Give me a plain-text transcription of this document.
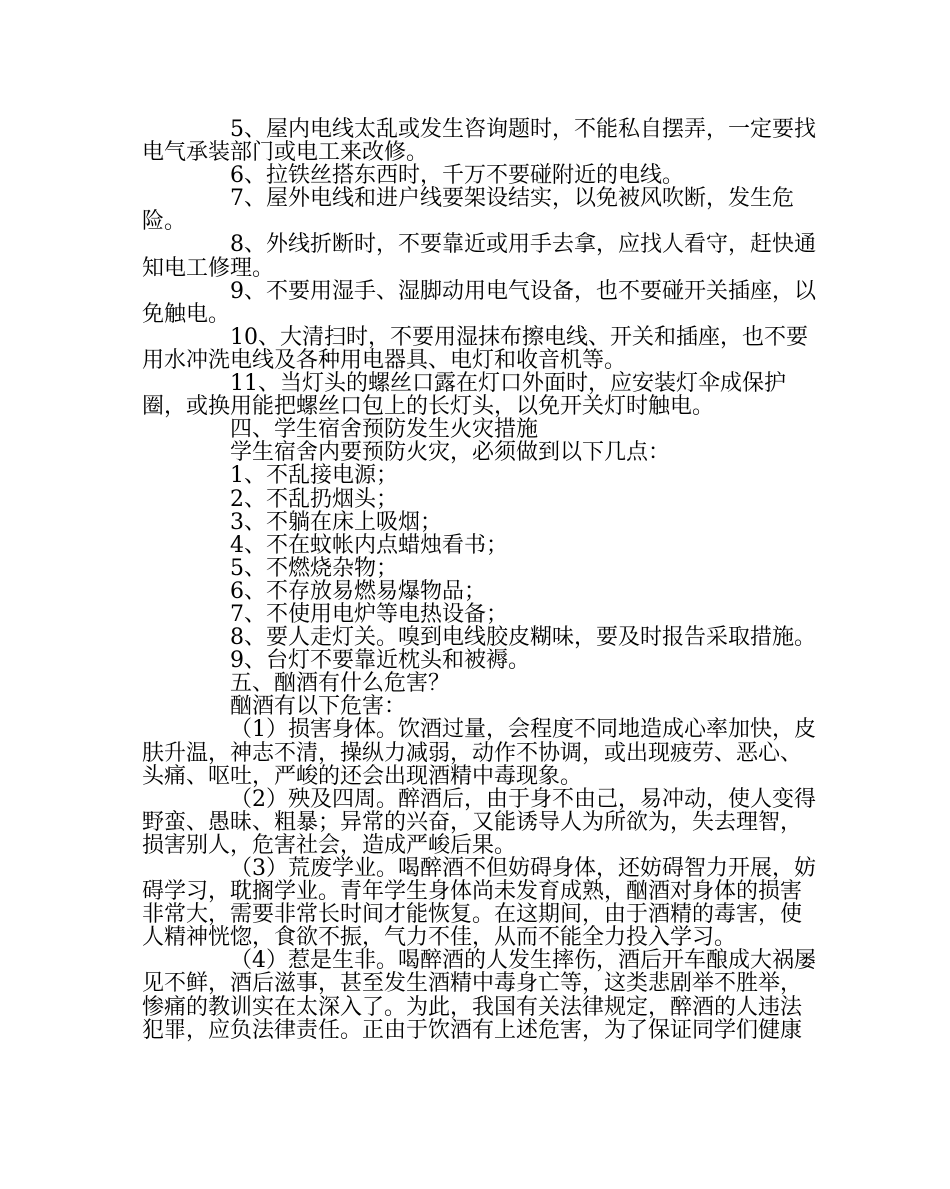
5、屋内电线太乱或发生咨询题时，不能私自摆弄，一定要找电气承装部门或电工来改修。

6、拉铁丝搭东西时，千万不要碰附近的电线。

7、屋外电线和进户线要架设结实，以免被风吹断，发生危险。

8、外线折断时，不要靠近或用手去拿，应找人看守，赶快通知电工修理。

9、不要用湿手、湿脚动用电气设备，也不要碰开关插座，以免触电。

10、大清扫时，不要用湿抹布擦电线、开关和插座，也不要用水冲洗电线及各种用电器具、电灯和收音机等。

11、当灯头的螺丝口露在灯口外面时，应安装灯伞成保护圈，或换用能把螺丝口包上的长灯头，以免开关灯时触电。

四、学生宿舍预防发生火灾措施

学生宿舍内要预防火灾，必须做到以下几点：

1、不乱接电源；

2、不乱扔烟头；

3、不躺在床上吸烟；

4、不在蚊帐内点蜡烛看书；

5、不燃烧杂物；

6、不存放易燃易爆物品；

7、不使用电炉等电热设备；

8、要人走灯关。嗅到电线胶皮糊味，要及时报告采取措施。

9、台灯不要靠近枕头和被褥。

五、酗酒有什么危害？

酗酒有以下危害：

（1）损害身体。饮酒过量，会程度不同地造成心率加快，皮肤升温，神志不清，操纵力减弱，动作不协调，或出现疲劳、恶心、头痛、呕吐，严峻的还会出现酒精中毒现象。

（2）殃及四周。醉酒后，由于身不由己，易冲动，使人变得野蛮、愚昧、粗暴；异常的兴奋，又能诱导人为所欲为，失去理智，损害别人，危害社会，造成严峻后果。

（3）荒废学业。喝醉酒不但妨碍身体，还妨碍智力开展，妨碍学习，耽搁学业。青年学生身体尚未发育成熟，酗酒对身体的损害非常大，需要非常长时间才能恢复。在这期间，由于酒精的毒害，使人精神恍惚，食欲不振，气力不佳，从而不能全力投入学习。

（4）惹是生非。喝醉酒的人发生摔伤，酒后开车酿成大祸屡见不鲜，酒后滋事，甚至发生酒精中毒身亡等，这类悲剧举不胜举，惨痛的教训实在太深入了。为此，我国有关法律规定，醉酒的人违法犯罪，应负法律责任。正由于饮酒有上述危害，为了保证同学们健康
